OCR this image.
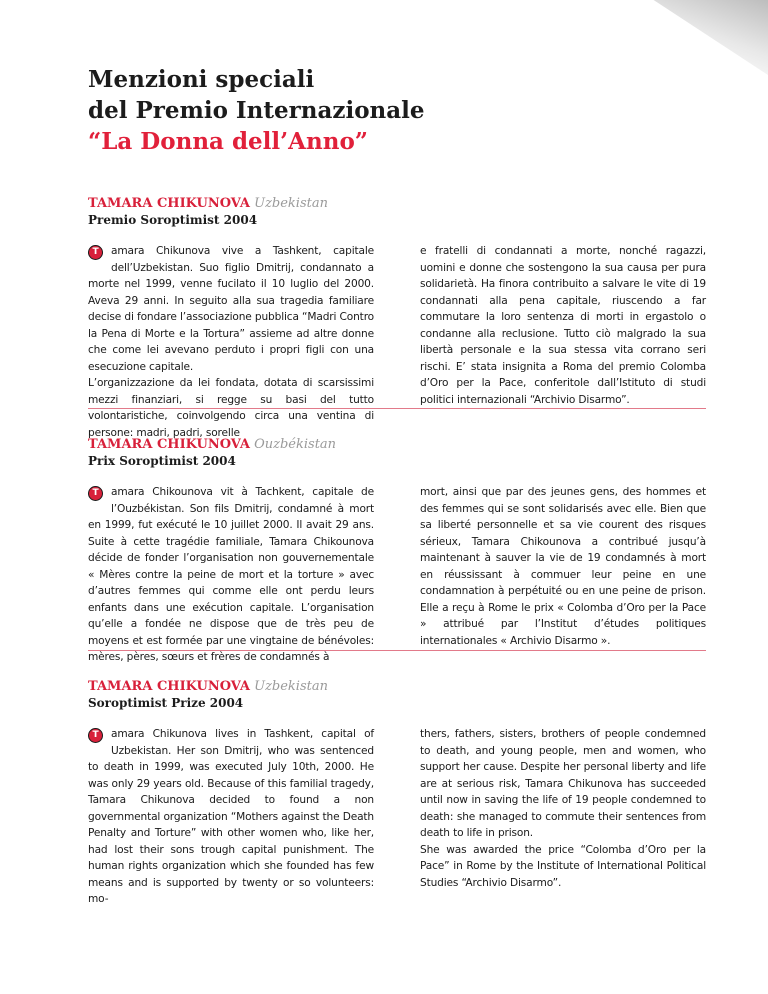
Menzioni speciali
del Premio Internazionale
“La Donna dell’Anno”
TAMARA CHIKUNOVA Uzbekistan
Premio Soroptimist 2004

T	amara Chikunova vive a Tashkent, capitale dell’Uzbekistan. Suo figlio Dmitrij, condannato a morte nel 1999, venne fucilato il 10 luglio del 2000. Aveva 29 anni. In seguito alla sua tragedia familiare decise di fondare l’associazione pubblica “Madri Contro la Pena di Morte e la Tortura” assieme ad altre donne che come lei avevano perduto i propri figli con una esecuzione capitale.

L’organizzazione da lei fondata, dotata di scarsissimi mezzi finanziari, si regge su basi del tutto volontaristiche, coinvolgendo circa una ventina di persone: madri, padri, sorelle

e fratelli di condannati a morte, nonché ragazzi, uomini e donne che sostengono la sua causa per pura solidarietà. Ha finora contribuito a salvare le vite di 19 condannati alla pena capitale, riuscendo a far commutare la loro sentenza di morti in ergastolo o condanne alla reclusione. Tutto ciò malgrado la sua libertà personale e la sua stessa vita corrano seri rischi. E’ stata insignita a Roma del premio Colomba d’Oro per la Pace, conferitole dall’Istituto di studi politici internazionali “Archivio Disarmo”.

TAMARA CHIKUNOVA Ouzbékistan
Prix Soroptimist 2004

T	amara Chikounova vit à Tachkent, capitale de l’Ouzbékistan. Son fils Dmitrij, condamné à mort en 1999, fut exécuté le 10 juillet 2000. Il avait 29 ans. Suite à cette tragédie familiale, Tamara Chikounova décide de fonder l’organisation non gouvernementale « Mères contre la peine de mort et la torture » avec d’autres femmes qui comme elle ont perdu leurs enfants dans une exécution capitale. L’organisation qu’elle a fondée ne dispose que de très peu de moyens et est formée par une vingtaine de bénévoles: mères, pères, sœurs et frères de condamnés à

mort, ainsi que par des jeunes gens, des hommes et des femmes qui se sont solidarisés avec elle. Bien que sa liberté personnelle et sa vie courent des risques sérieux, Tamara Chikounova a contribué jusqu’à maintenant à sauver la vie de 19 condamnés à mort en réussissant à commuer leur peine en une condamnation à perpétuité ou en une peine de prison. Elle a reçu à Rome le prix « Colomba d’Oro per la Pace » attribué par l’Institut d’études politiques internationales « Archivio Disarmo ».

TAMARA CHIKUNOVA Uzbekistan
Soroptimist Prize 2004

T	amara Chikunova lives in Tashkent, capital of Uzbekistan. Her son Dmitrij, who was sentenced to death in 1999, was executed July 10th, 2000. He was only 29 years old. Because of this familial tragedy, Tamara Chikunova decided to found a non governmental organization “Mothers against the Death Penalty and Torture” with other women who, like her, had lost their sons trough capital punishment. The human rights organization which she founded has few means and is supported by twenty or so volunteers: mo-

thers, fathers, sisters, brothers of people condemned to death, and young people, men and women, who support her cause. Despite her personal liberty and life are at serious risk, Tamara Chikunova has succeeded until now in saving the life of 19 people condemned to death: she managed to commute their sentences from death to life in prison.

She was awarded the price “Colomba d’Oro per la Pace” in Rome by the Institute of International Political Studies “Archivio Disarmo”.
